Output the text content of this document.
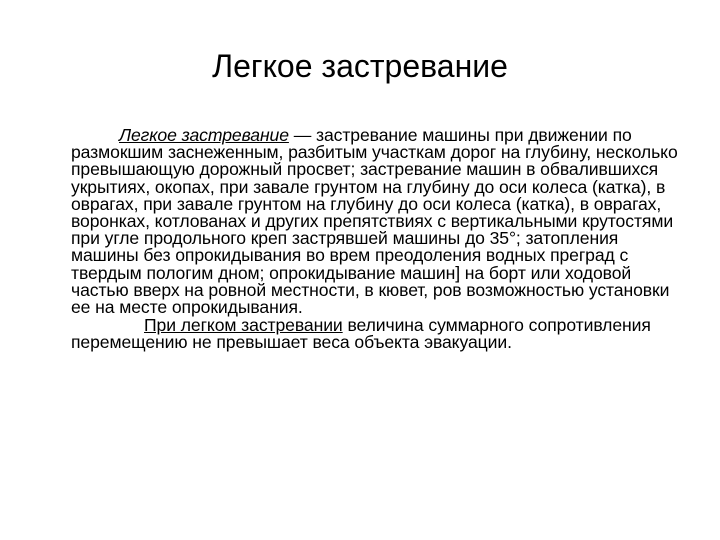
Легкое застревание

Легкое застревание — застревание машины при движении по размокшим заснеженным, разбитым участкам дорог на глубину, несколько превышающую дорожный просвет; застревание машин в обвалившихся укрытиях, окопах, при завале грунтом на глубину до оси колеса (катка), в оврагах, при завале грунтом на глубину до оси колеса (катка), в оврагах, воронках, котлованах и других препятствиях с вертикальными крутостями при угле продольного креп застрявшей машины до 35°; затопления машины без опрокидывания во врем преодоления водных преград с твердым пологим дном; опрокидывание машин] на борт или ходовой частью вверх на ровной местности, в кювет, ров возможностью установки ее на месте опрокидывания.

При легком застревании величина суммарного сопротивления перемещению не превышает веса объекта эвакуации.
